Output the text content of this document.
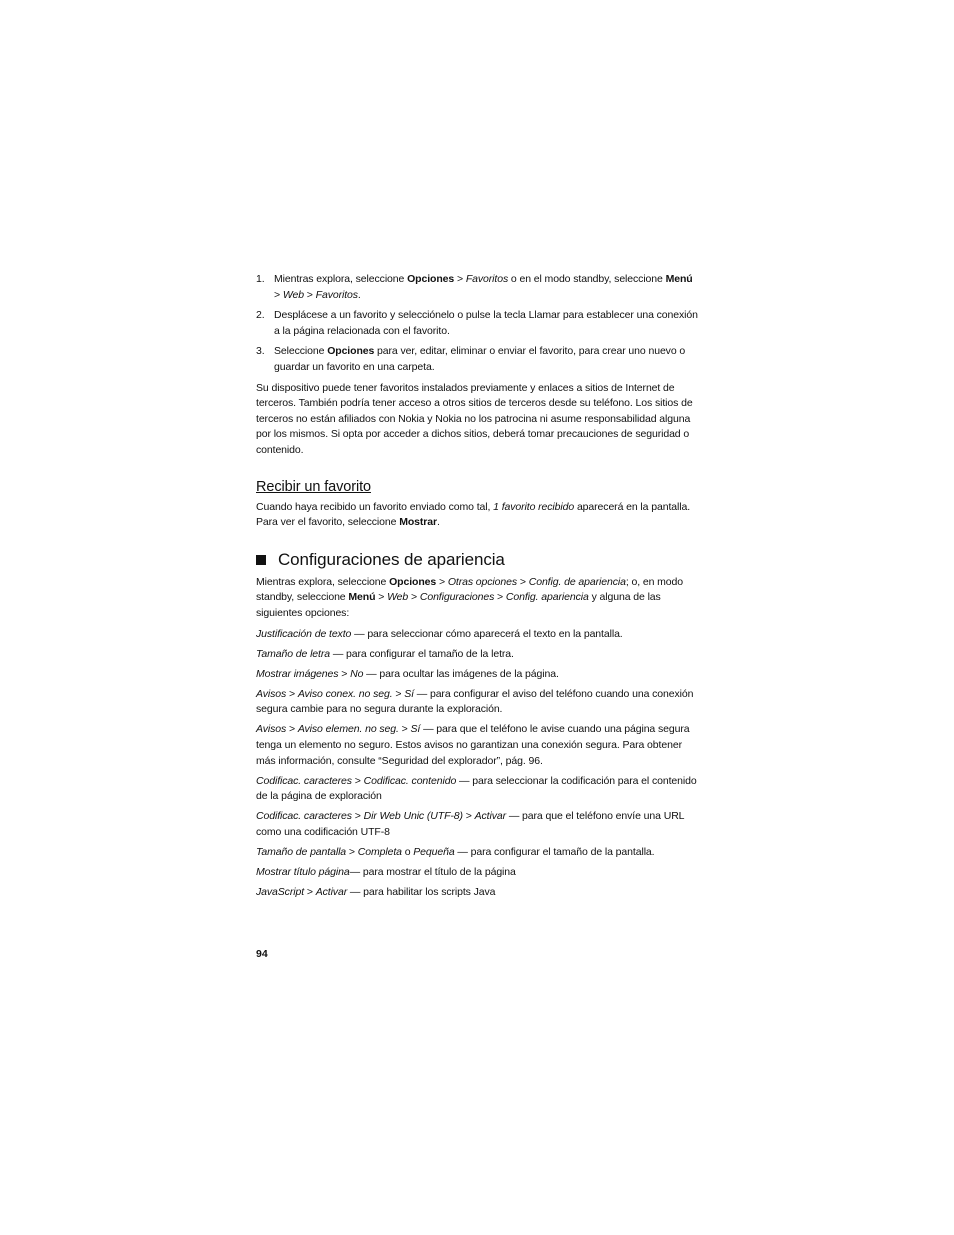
1. Mientras explora, seleccione Opciones > Favoritos o en el modo standby, seleccione Menú > Web > Favoritos.
2. Desplácese a un favorito y selecciónelo o pulse la tecla Llamar para establecer una conexión a la página relacionada con el favorito.
3. Seleccione Opciones para ver, editar, eliminar o enviar el favorito, para crear uno nuevo o guardar un favorito en una carpeta.

Su dispositivo puede tener favoritos instalados previamente y enlaces a sitios de Internet de terceros. También podría tener acceso a otros sitios de terceros desde su teléfono. Los sitios de terceros no están afiliados con Nokia y Nokia no los patrocina ni asume responsabilidad alguna por los mismos. Si opta por acceder a dichos sitios, deberá tomar precauciones de seguridad o contenido.

Recibir un favorito

Cuando haya recibido un favorito enviado como tal, 1 favorito recibido aparecerá en la pantalla. Para ver el favorito, seleccione Mostrar.

Configuraciones de apariencia

Mientras explora, seleccione Opciones > Otras opciones > Config. de apariencia; o, en modo standby, seleccione Menú > Web > Configuraciones > Config. apariencia y alguna de las siguientes opciones:

Justificación de texto — para seleccionar cómo aparecerá el texto en la pantalla.

Tamaño de letra — para configurar el tamaño de la letra.

Mostrar imágenes > No — para ocultar las imágenes de la página.

Avisos > Aviso conex. no seg. > Sí — para configurar el aviso del teléfono cuando una conexión segura cambie para no segura durante la exploración.

Avisos > Aviso elemen. no seg. > Sí — para que el teléfono le avise cuando una página segura tenga un elemento no seguro. Estos avisos no garantizan una conexión segura. Para obtener más información, consulte “Seguridad del explorador”, pág. 96.

Codificac. caracteres > Codificac. contenido — para seleccionar la codificación para el contenido de la página de exploración

Codificac. caracteres > Dir Web Unic (UTF-8) > Activar — para que el teléfono envíe una URL como una codificación UTF-8

Tamaño de pantalla > Completa o Pequeña — para configurar el tamaño de la pantalla.

Mostrar título página— para mostrar el título de la página

JavaScript > Activar — para habilitar los scripts Java

94
